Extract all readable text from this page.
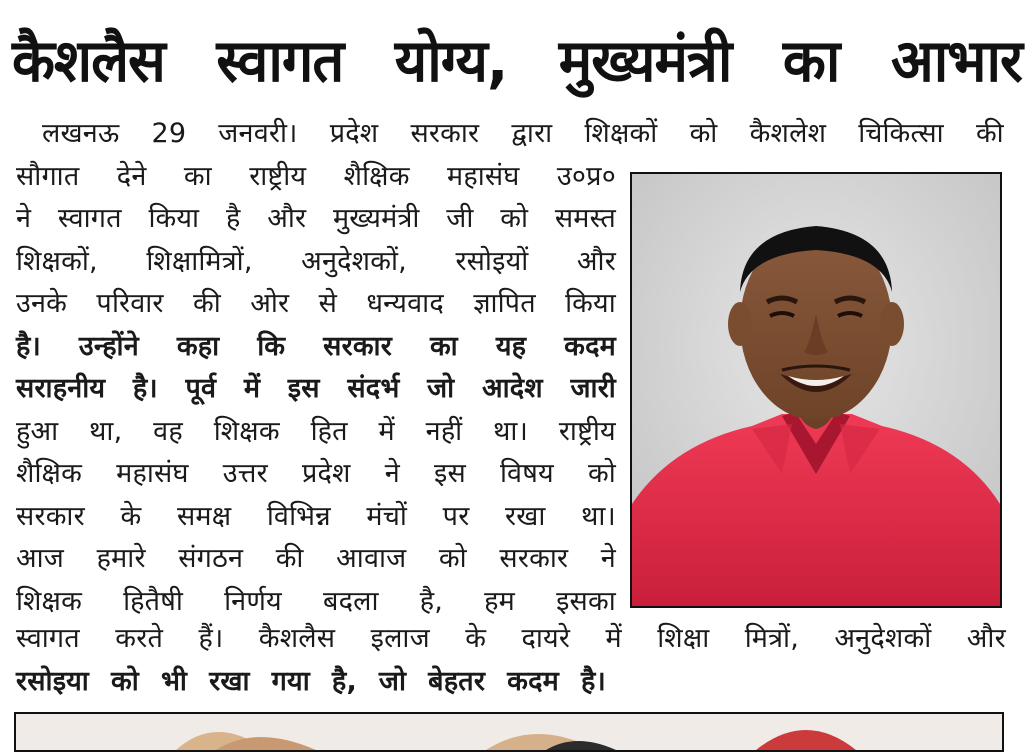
कैशलैस स्वागत योग्य, मुख्यमंत्री का आभार
लखनऊ 29 जनवरी। प्रदेश सरकार द्वारा शिक्षकों को कैशलेश चिकित्सा की
सौगात देने का राष्ट्रीय शैक्षिक महासंघ उ०प्र०
ने स्वागत किया है और मुख्यमंत्री जी को समस्त
शिक्षकों, शिक्षामित्रों, अनुदेशकों, रसोइयों और
उनके परिवार की ओर से धन्यवाद ज्ञापित किया
है। उन्होंने कहा कि सरकार का यह कदम
सराहनीय है। पूर्व में इस संदर्भ जो आदेश जारी
हुआ था, वह शिक्षक हित में नहीं था। राष्ट्रीय
शैक्षिक महासंघ उत्तर प्रदेश ने इस विषय को
सरकार के समक्ष विभिन्न मंचों पर रखा था।
आज हमारे संगठन की आवाज को सरकार ने
शिक्षक हितैषी निर्णय बदला है, हम इसका
स्वागत करते हैं। कैशलैस इलाज के दायरे में शिक्षा मित्रों, अनुदेशकों और
रसोइया को भी रखा गया है, जो बेहतर कदम है।
